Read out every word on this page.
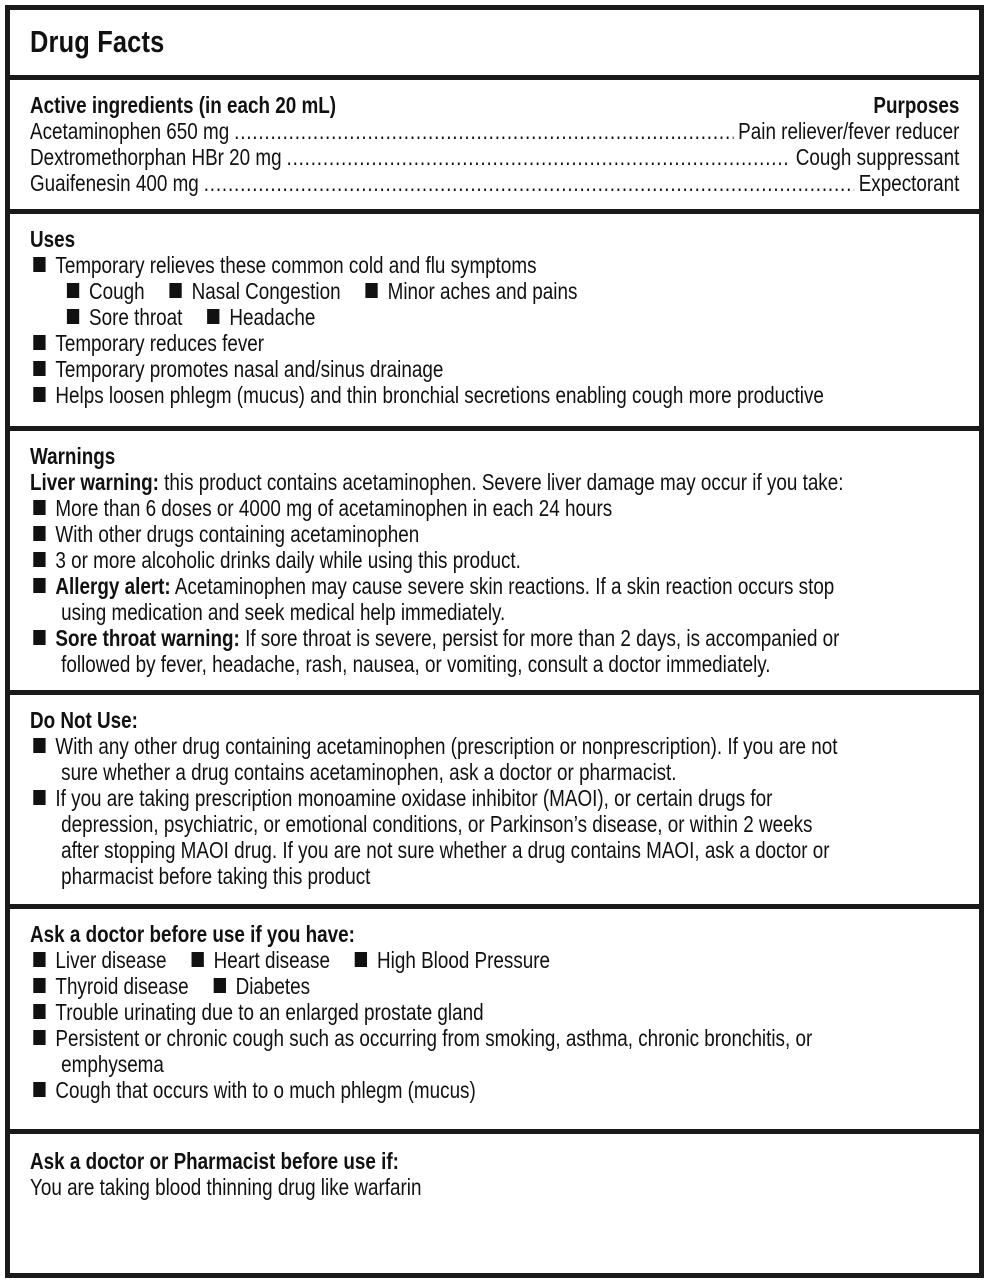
Drug Facts
Active ingredients (in each 20 mL)	Purposes
Acetaminophen 650 mg .....	Pain reliever/fever reducer
Dextromethorphan HBr 20 mg .....	Cough suppressant
Guaifenesin 400 mg .....	Expectorant
Uses
Temporary relieves these common cold and flu symptoms
Cough Nasal Congestion Minor aches and pains
Sore throat Headache
Temporary reduces fever
Temporary promotes nasal and/sinus drainage
Helps loosen phlegm (mucus) and thin bronchial secretions enabling cough more productive
Warnings
Liver warning: this product contains acetaminophen. Severe liver damage may occur if you take:
More than 6 doses or 4000 mg of acetaminophen in each 24 hours
With other drugs containing acetaminophen
3 or more alcoholic drinks daily while using this product.
Allergy alert: Acetaminophen may cause severe skin reactions. If a skin reaction occurs stop
using medication and seek medical help immediately.
Sore throat warning: If sore throat is severe, persist for more than 2 days, is accompanied or
followed by fever, headache, rash, nausea, or vomiting, consult a doctor immediately.
Do Not Use:
With any other drug containing acetaminophen (prescription or nonprescription). If you are not
sure whether a drug contains acetaminophen, ask a doctor or pharmacist.
If you are taking prescription monoamine oxidase inhibitor (MAOI), or certain drugs for
depression, psychiatric, or emotional conditions, or Parkinson’s disease, or within 2 weeks
after stopping MAOI drug. If you are not sure whether a drug contains MAOI, ask a doctor or
pharmacist before taking this product
Ask a doctor before use if you have:
Liver disease Heart disease High Blood Pressure
Thyroid disease Diabetes
Trouble urinating due to an enlarged prostate gland
Persistent or chronic cough such as occurring from smoking, asthma, chronic bronchitis, or
emphysema
Cough that occurs with to o much phlegm (mucus)
Ask a doctor or Pharmacist before use if:
You are taking blood thinning drug like warfarin
